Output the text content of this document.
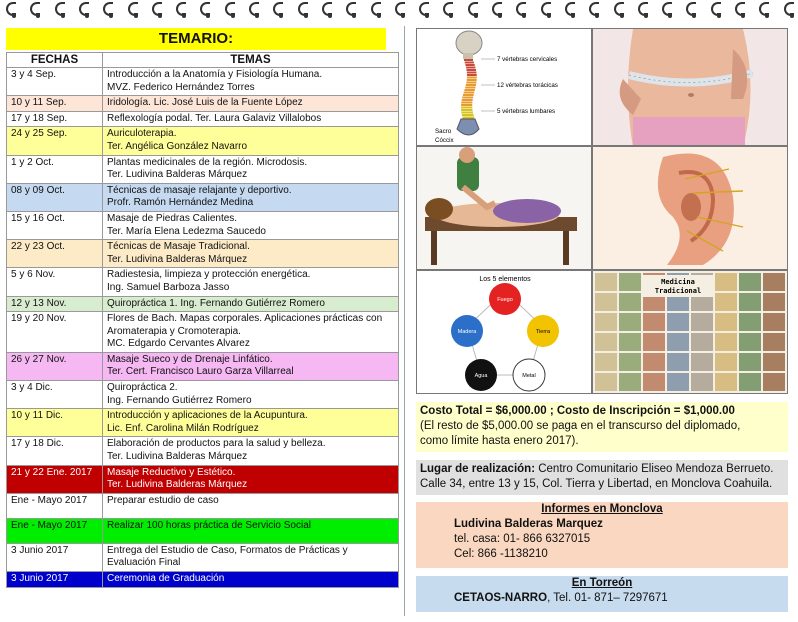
TEMARIO:
FECHAS	TEMAS
3 y 4 Sep.	Introducción a la Anatomía y Fisiología Humana.
MVZ. Federico Hernández Torres

10 y 11 Sep.	Iridología. Lic. José Luis de la Fuente López

17 y 18 Sep.	Reflexología podal. Ter. Laura Galaviz Villalobos

24 y 25 Sep.	Auriculoterapia.
Ter. Angélica González Navarro

1 y 2 Oct.	Plantas medicinales de la región. Microdosis.
Ter. Ludivina Balderas Márquez

08 y 09 Oct.	Técnicas de masaje relajante y deportivo.
Profr. Ramón Hernández Medina

15 y 16 Oct.	Masaje de Piedras Calientes.
Ter. María Elena Ledezma Saucedo

22 y 23 Oct.	Técnicas de Masaje Tradicional.
Ter. Ludivina Balderas Márquez

5 y 6 Nov.	Radiestesia, limpieza y protección energética.
Ing. Samuel Barboza Jasso

12 y 13 Nov.	Quiropráctica 1. Ing. Fernando Gutiérrez Romero

19 y 20 Nov.	Flores de Bach. Mapas corporales. Aplicaciones prácticas con Aromaterapia y Cromoterapia.
MC. Edgardo Cervantes Alvarez

26 y 27 Nov.	Masaje Sueco y de Drenaje Linfático.
Ter. Cert. Francisco Lauro Garza Villarreal

3 y 4 Dic.	Quiropráctica 2.
Ing. Fernando Gutiérrez Romero

10 y 11 Dic.	Introducción y aplicaciones de la Acupuntura.
Lic. Enf. Carolina Milán Rodríguez

17 y 18 Dic.	Elaboración de productos para la salud y belleza.
Ter. Ludivina Balderas Márquez

21 y 22 Ene. 2017	Masaje Reductivo y Estético.
Ter. Ludivina Balderas Márquez

Ene - Mayo 2017	Preparar estudio de caso

Ene - Mayo 2017	Realizar 100 horas práctica de Servicio Social

3 Junio 2017	Entrega del Estudio de Caso, Formatos de Prácticas y
Evaluación Final

3 Junio 2017	Ceremonia de Graduación
7 vértebras cervicales
12 vértebras torácicas
5 vértebras lumbares
Sacro
Cóccix
Los 5 elementos
Fuego
Madera	Tierra
Agua	Metal
Medicina
Tradicional
Costo Total = $6,000.00 ; Costo de Inscripción = $1,000.00
(El resto de $5,000.00 se paga en el transcurso del diplomado,
como límite hasta enero 2017).
Lugar de realización: Centro Comunitario Eliseo Mendoza Berrueto.
Calle 34, entre 13 y 15, Col. Tierra y Libertad, en Monclova Coahuila.
Informes en Monclova
Ludivina Balderas Marquez
tel. casa: 01- 866 6327015
Cel: 866 -1138210
En Torreón
CETAOS-NARRO, Tel. 01- 871– 7297671
